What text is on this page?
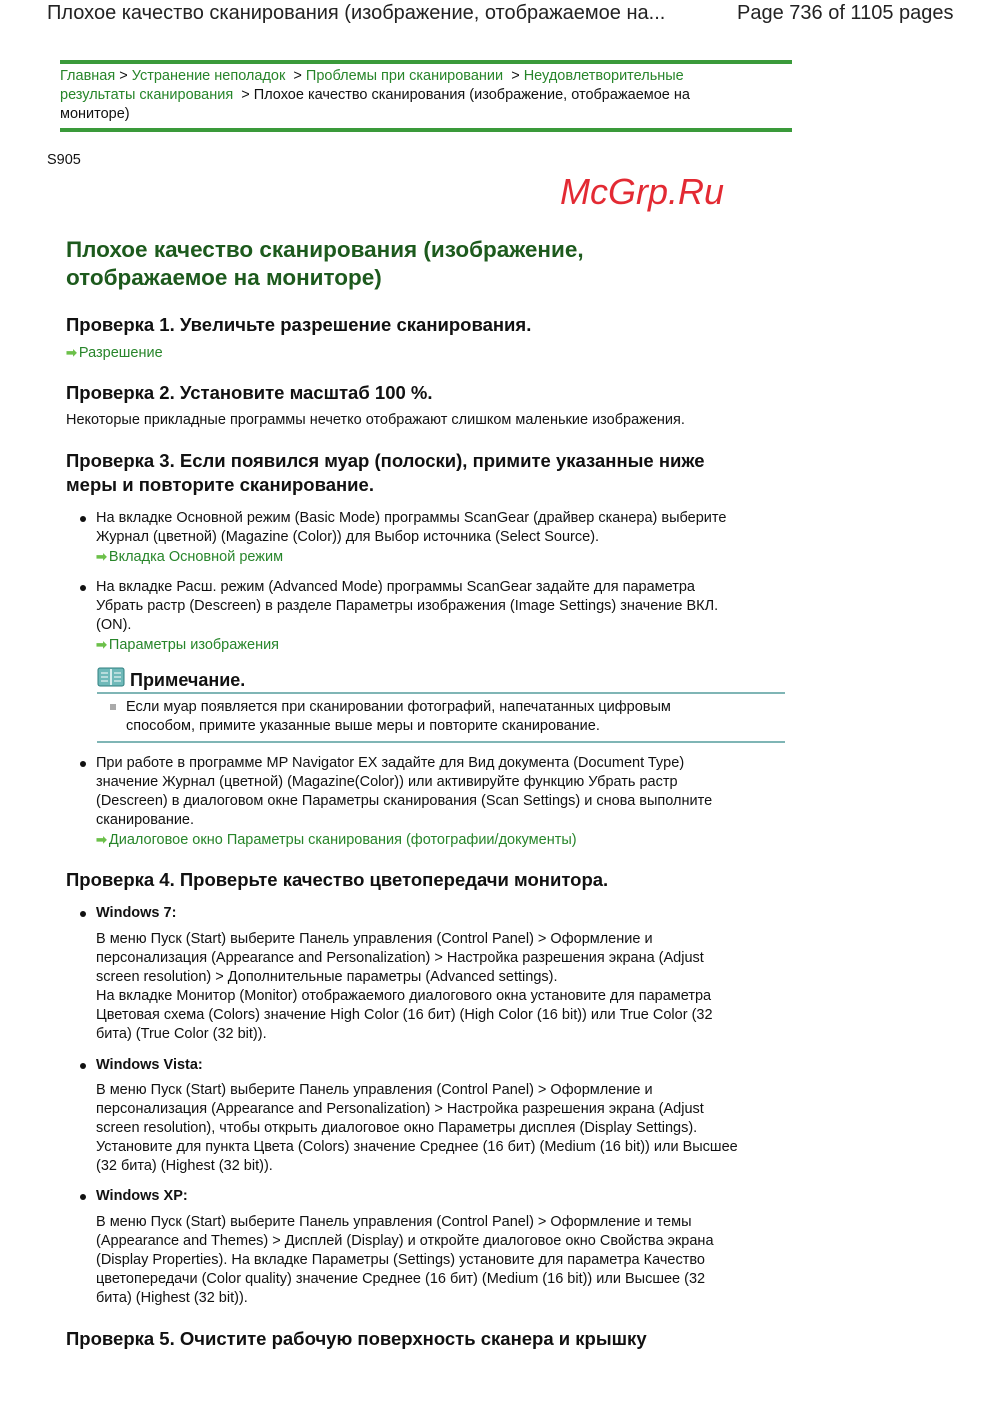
Плохое качество сканирования (изображение, отображаемое на...	Page 736 of 1105 pages
Главная > Устранение неполадок > Проблемы при сканировании > Неудовлетворительные
результаты сканирования > Плохое качество сканирования (изображение, отображаемое на
мониторе)
S905
McGrp.Ru
Плохое качество сканирования (изображение,
отображаемое на мониторе)
Проверка 1. Увеличьте разрешение сканирования.
➡ Разрешение
Проверка 2. Установите масштаб 100 %.
Некоторые прикладные программы нечетко отображают слишком маленькие изображения.
Проверка 3. Если появился муар (полоски), примите указанные ниже
меры и повторите сканирование.
На вкладке Основной режим (Basic Mode) программы ScanGear (драйвер сканера) выберите
Журнал (цветной) (Magazine (Color)) для Выбор источника (Select Source).
➡ Вкладка Основной режим
На вкладке Расш. режим (Advanced Mode) программы ScanGear задайте для параметра
Убрать растр (Descreen) в разделе Параметры изображения (Image Settings) значение ВКЛ.
(ON).
➡ Параметры изображения
Примечание.
Если муар появляется при сканировании фотографий, напечатанных цифровым
способом, примите указанные выше меры и повторите сканирование.
При работе в программе MP Navigator EX задайте для Вид документа (Document Type)
значение Журнал (цветной) (Magazine(Color)) или активируйте функцию Убрать растр
(Descreen) в диалоговом окне Параметры сканирования (Scan Settings) и снова выполните
сканирование.
➡ Диалоговое окно Параметры сканирования (фотографии/документы)
Проверка 4. Проверьте качество цветопередачи монитора.
Windows 7:
В меню Пуск (Start) выберите Панель управления (Control Panel) > Оформление и
персонализация (Appearance and Personalization) > Настройка разрешения экрана (Adjust
screen resolution) > Дополнительные параметры (Advanced settings).
На вкладке Монитор (Monitor) отображаемого диалогового окна установите для параметра
Цветовая схема (Colors) значение High Color (16 бит) (High Color (16 bit)) или True Color (32
бита) (True Color (32 bit)).
Windows Vista:
В меню Пуск (Start) выберите Панель управления (Control Panel) > Оформление и
персонализация (Appearance and Personalization) > Настройка разрешения экрана (Adjust
screen resolution), чтобы открыть диалоговое окно Параметры дисплея (Display Settings).
Установите для пункта Цвета (Colors) значение Среднее (16 бит) (Medium (16 bit)) или Высшее
(32 бита) (Highest (32 bit)).
Windows XP:
В меню Пуск (Start) выберите Панель управления (Control Panel) > Оформление и темы
(Appearance and Themes) > Дисплей (Display) и откройте диалоговое окно Свойства экрана
(Display Properties). На вкладке Параметры (Settings) установите для параметра Качество
цветопередачи (Color quality) значение Среднее (16 бит) (Medium (16 bit)) или Высшее (32
бита) (Highest (32 bit)).
Проверка 5. Очистите рабочую поверхность сканера и крышку
